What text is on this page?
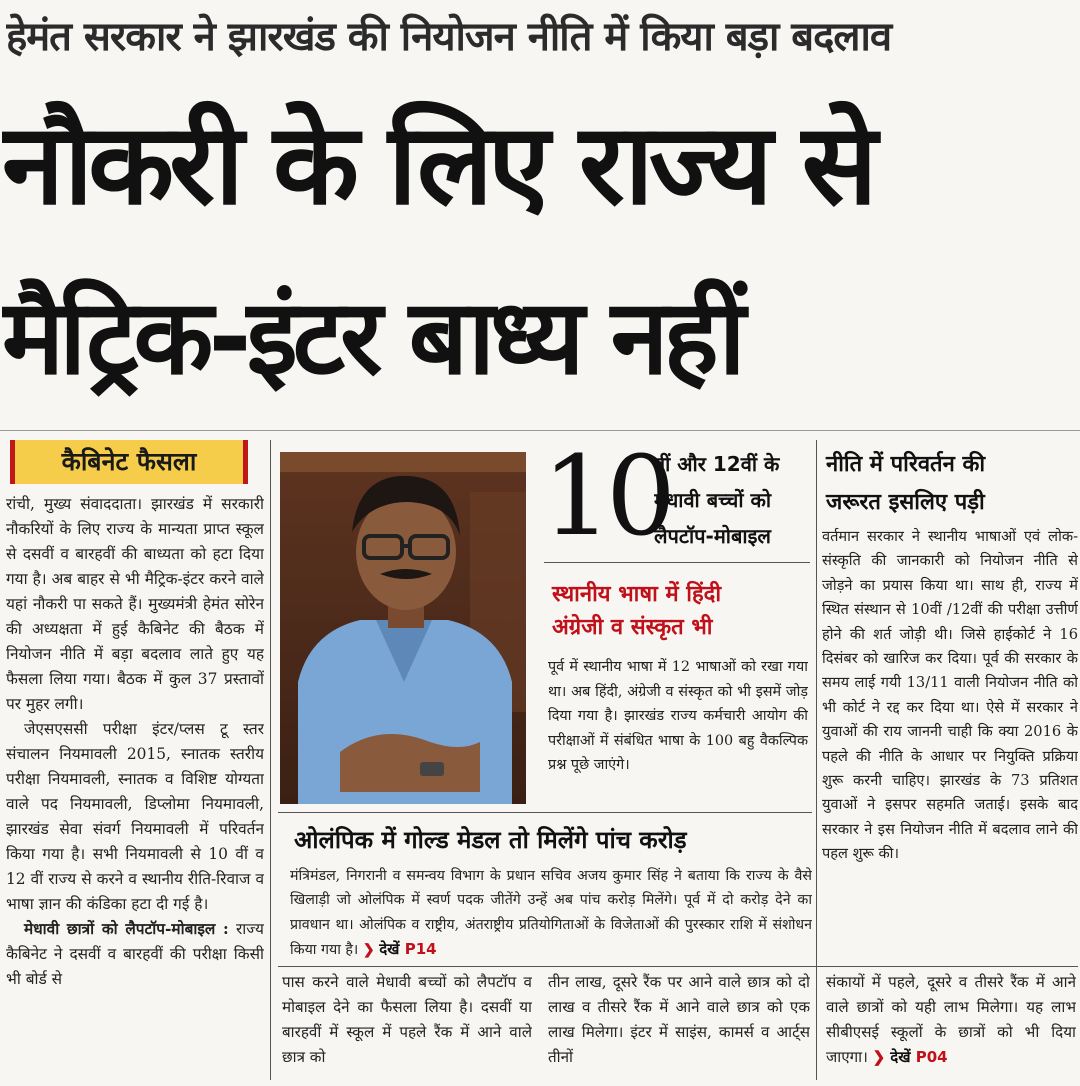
हेमंत सरकार ने झारखंड की नियोजन नीति में किया बड़ा बदलाव
नौकरी के लिए राज्य से
मैट्रिक-इंटर बाध्य नहीं
कैबिनेट फैसला

रांची, मुख्य संवाददाता। झारखंड में सरकारी नौकरियों के लिए राज्य के मान्यता प्राप्त स्कूल से दसवीं व बारहवीं की बाध्यता को हटा दिया गया है। अब बाहर से भी मैट्रिक-इंटर करने वाले यहां नौकरी पा सकते हैं। मुख्यमंत्री हेमंत सोरेन की अध्यक्षता में हुई कैबिनेट की बैठक में नियोजन नीति में बड़ा बदलाव लाते हुए यह फैसला लिया गया। बैठक में कुल 37 प्रस्तावों पर मुहर लगी।

जेएसएससी परीक्षा इंटर/प्लस टू स्तर संचालन नियमावली 2015, स्नातक स्तरीय परीक्षा नियमावली, स्नातक व विशिष्ट योग्यता वाले पद नियमावली, डिप्लोमा नियमावली, झारखंड सेवा संवर्ग नियमावली में परिवर्तन किया गया है। सभी नियमावली से 10 वीं व 12 वीं राज्य से करने व स्थानीय रीति-रिवाज व भाषा ज्ञान की कंडिका हटा दी गई है।

मेधावी छात्रों को लैपटॉप-मोबाइल : राज्य कैबिनेट ने दसवीं व बारहवीं की परीक्षा किसी भी बोर्ड से

10
वीं और 12वीं के
मेधावी बच्चों को
लैपटॉप-मोबाइल
स्थानीय भाषा में हिंदी
अंग्रेजी व संस्कृत भी
पूर्व में स्थानीय भाषा में 12 भाषाओं को रखा गया था। अब हिंदी, अंग्रेजी व संस्कृत को भी इसमें जोड़ दिया गया है। झारखंड राज्य कर्मचारी आयोग की परीक्षाओं में संबंधित भाषा के 100 बहु वैकल्पिक प्रश्न पूछे जाएंगे।
नीति में परिवर्तन की
जरूरत इसलिए पड़ी
वर्तमान सरकार ने स्थानीय भाषाओं एवं लोक-संस्कृति की जानकारी को नियोजन नीति से जोड़ने का प्रयास किया था। साथ ही, राज्य में स्थित संस्थान से 10वीं /12वीं की परीक्षा उत्तीर्ण होने की शर्त जोड़ी थी। जिसे हाईकोर्ट ने 16 दिसंबर को खारिज कर दिया। पूर्व की सरकार के समय लाई गयी 13/11 वाली नियोजन नीति को भी कोर्ट ने रद्द कर दिया था। ऐसे में सरकार ने युवाओं की राय जाननी चाही कि क्या 2016 के पहले की नीति के आधार पर नियुक्ति प्रक्रिया शुरू करनी चाहिए। झारखंड के 73 प्रतिशत युवाओं ने इसपर सहमति जताई। इसके बाद सरकार ने इस नियोजन नीति में बदलाव लाने की पहल शुरू की।
ओलंपिक में गोल्ड मेडल तो मिलेंगे पांच करोड़
मंत्रिमंडल, निगरानी व समन्वय विभाग के प्रधान सचिव अजय कुमार सिंह ने बताया कि राज्य के वैसे खिलाड़ी जो ओलंपिक में स्वर्ण पदक जीतेंगे उन्हें अब पांच करोड़ मिलेंगे। पूर्व में दो करोड़ देने का प्रावधान था। ओलंपिक व राष्ट्रीय, अंतराष्ट्रीय प्रतियोगिताओं के विजेताओं की पुरस्कार राशि में संशोधन किया गया है। ❯ देखें P14
पास करने वाले मेधावी बच्चों को लैपटॉप व मोबाइल देने का फैसला लिया है। दसवीं या बारहवीं में स्कूल में पहले रैंक में आने वाले छात्र को
तीन लाख, दूसरे रैंक पर आने वाले छात्र को दो लाख व तीसरे रैंक में आने वाले छात्र को एक लाख मिलेगा। इंटर में साइंस, कामर्स व आर्ट्स तीनों
संकायों में पहले, दूसरे व तीसरे रैंक में आने वाले छात्रों को यही लाभ मिलेगा। यह लाभ सीबीएसई स्कूलों के छात्रों को भी दिया जाएगा। ❯ देखें P04
